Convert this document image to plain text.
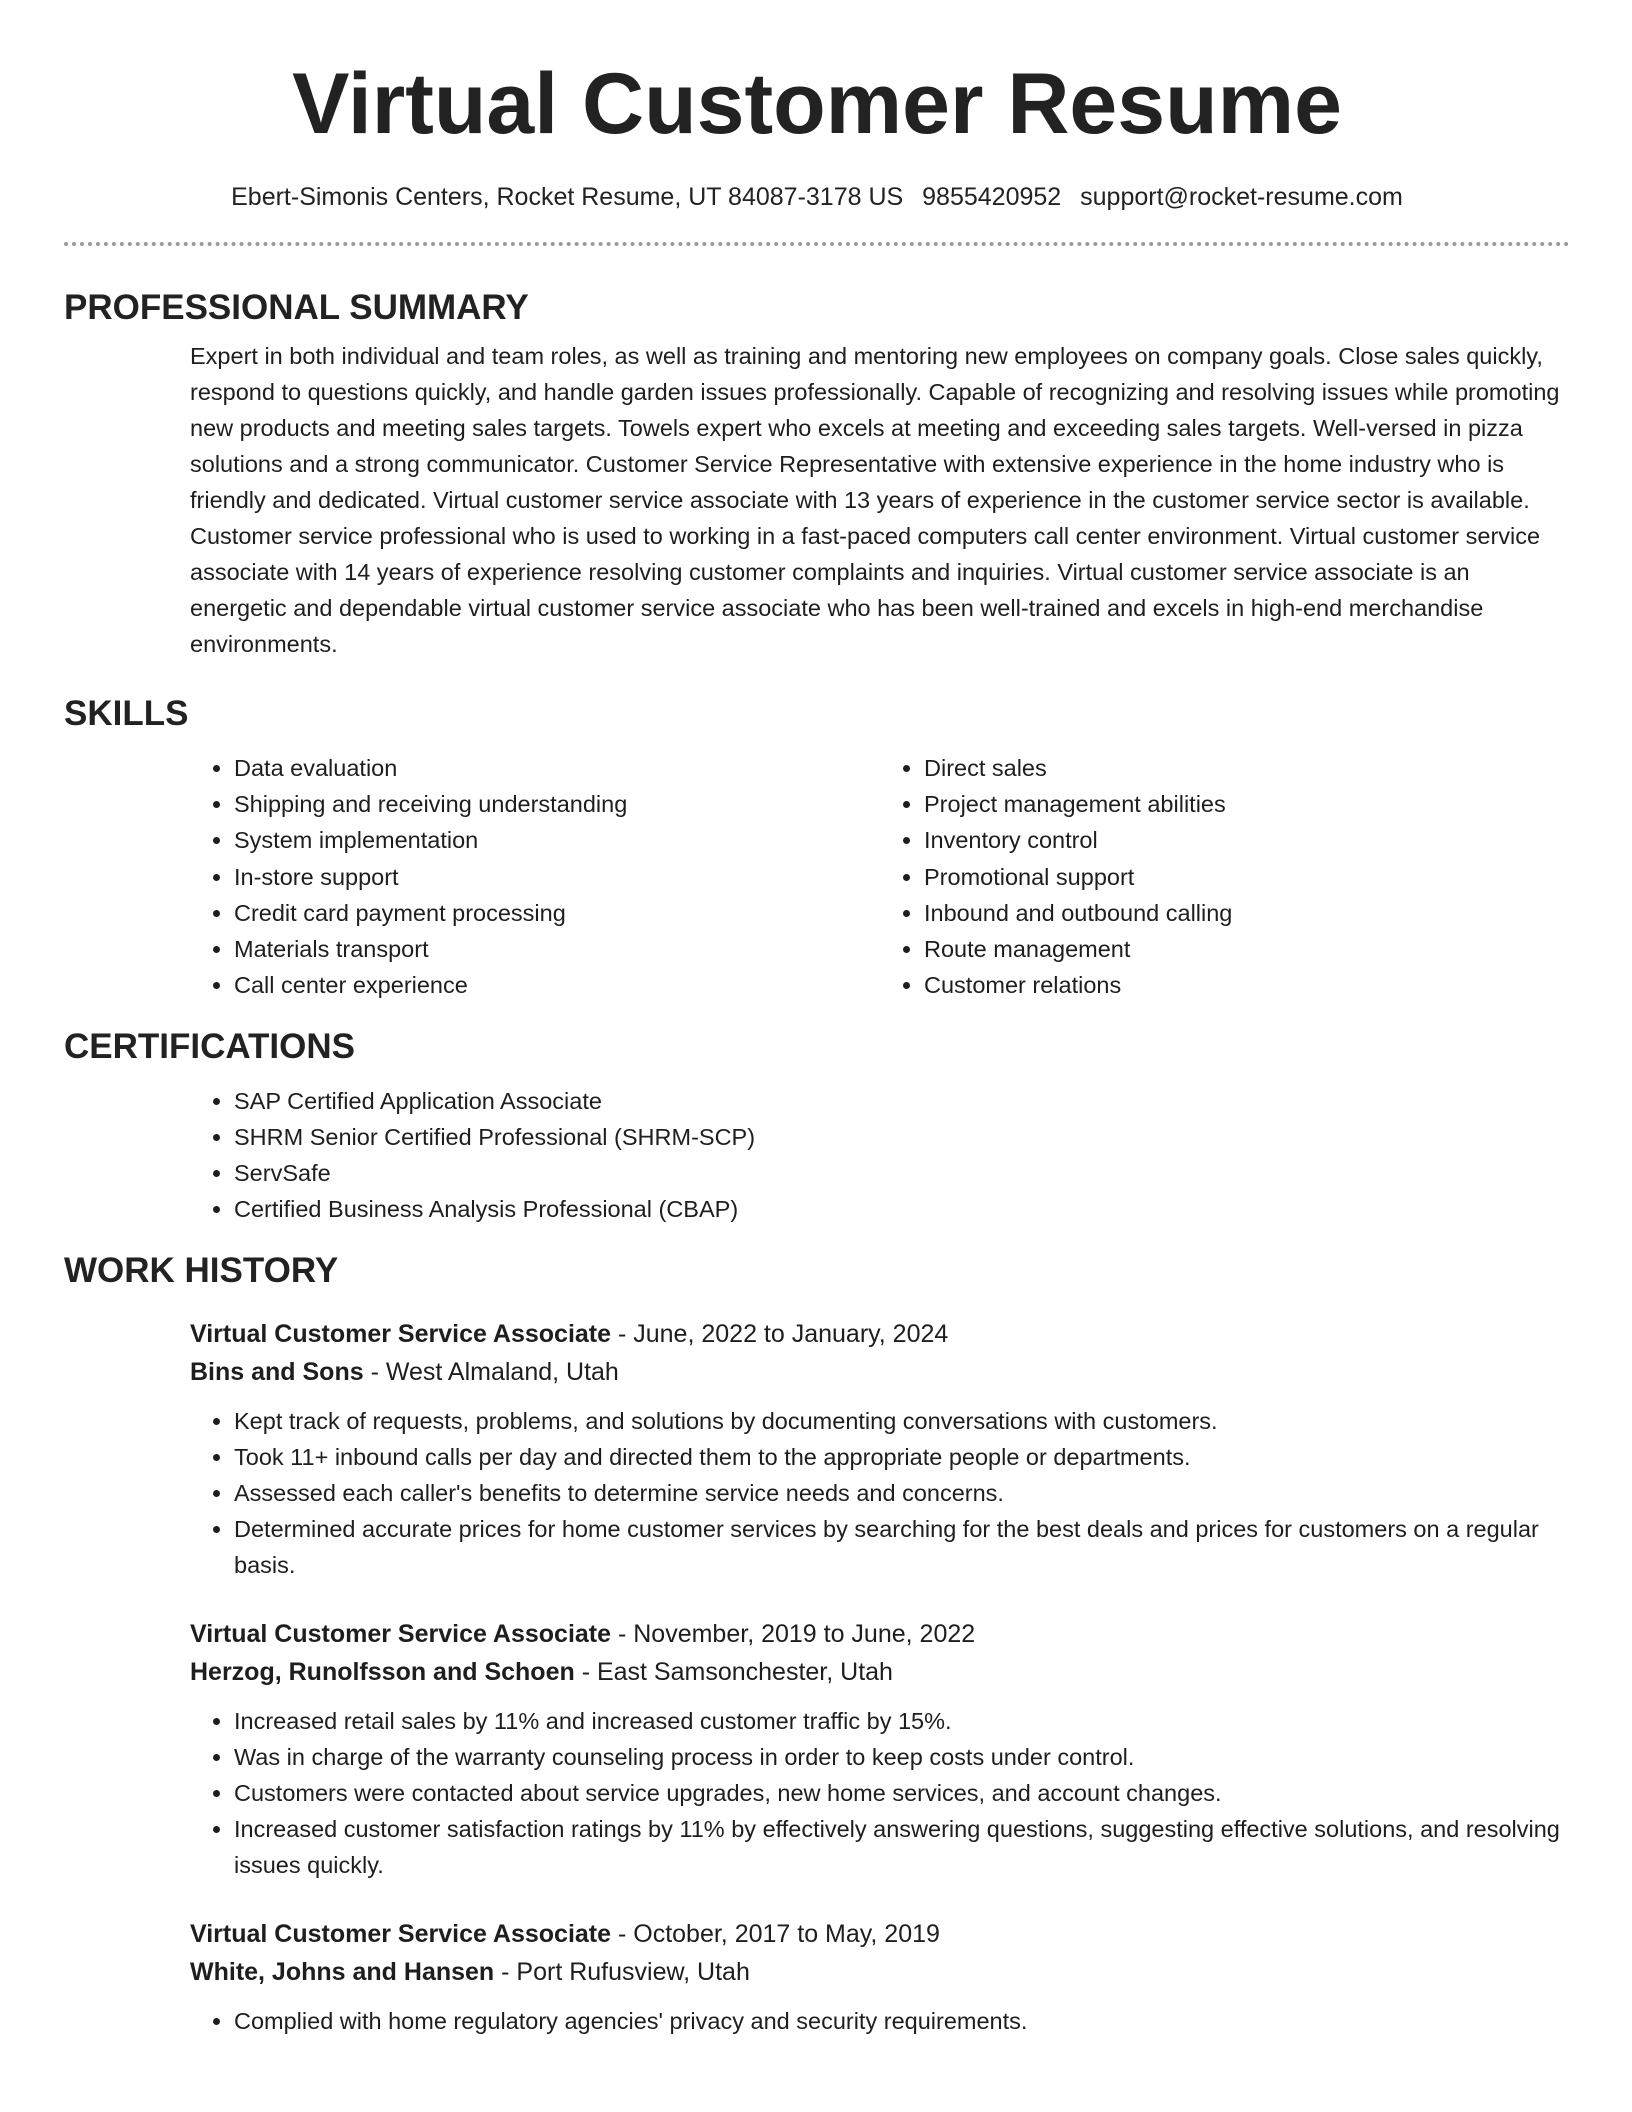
Virtual Customer Resume
Ebert-Simonis Centers, Rocket Resume, UT 84087-3178 US 9855420952 support@rocket-resume.com
PROFESSIONAL SUMMARY

Expert in both individual and team roles, as well as training and mentoring new employees on company goals. Close sales quickly, respond to questions quickly, and handle garden issues professionally. Capable of recognizing and resolving issues while promoting new products and meeting sales targets. Towels expert who excels at meeting and exceeding sales targets. Well-versed in pizza solutions and a strong communicator. Customer Service Representative with extensive experience in the home industry who is friendly and dedicated. Virtual customer service associate with 13 years of experience in the customer service sector is available. Customer service professional who is used to working in a fast-paced computers call center environment. Virtual customer service associate with 14 years of experience resolving customer complaints and inquiries. Virtual customer service associate is an energetic and dependable virtual customer service associate who has been well-trained and excels in high-end merchandise environments.

SKILLS
• Data evaluation
• Shipping and receiving understanding
• System implementation
• In-store support
• Credit card payment processing
• Materials transport
• Call center experience
• Direct sales
• Project management abilities
• Inventory control
• Promotional support
• Inbound and outbound calling
• Route management
• Customer relations
CERTIFICATIONS
• SAP Certified Application Associate
• SHRM Senior Certified Professional (SHRM-SCP)
• ServSafe
• Certified Business Analysis Professional (CBAP)
WORK HISTORY
Virtual Customer Service Associate - June, 2022 to January, 2024
Bins and Sons - West Almaland, Utah
• Kept track of requests, problems, and solutions by documenting conversations with customers.
• Took 11+ inbound calls per day and directed them to the appropriate people or departments.
• Assessed each caller's benefits to determine service needs and concerns.
• Determined accurate prices for home customer services by searching for the best deals and prices for customers on a regular basis.
Virtual Customer Service Associate - November, 2019 to June, 2022
Herzog, Runolfsson and Schoen - East Samsonchester, Utah
• Increased retail sales by 11% and increased customer traffic by 15%.
• Was in charge of the warranty counseling process in order to keep costs under control.
• Customers were contacted about service upgrades, new home services, and account changes.
• Increased customer satisfaction ratings by 11% by effectively answering questions, suggesting effective solutions, and resolving issues quickly.
Virtual Customer Service Associate - October, 2017 to May, 2019
White, Johns and Hansen - Port Rufusview, Utah
• Complied with home regulatory agencies' privacy and security requirements.
